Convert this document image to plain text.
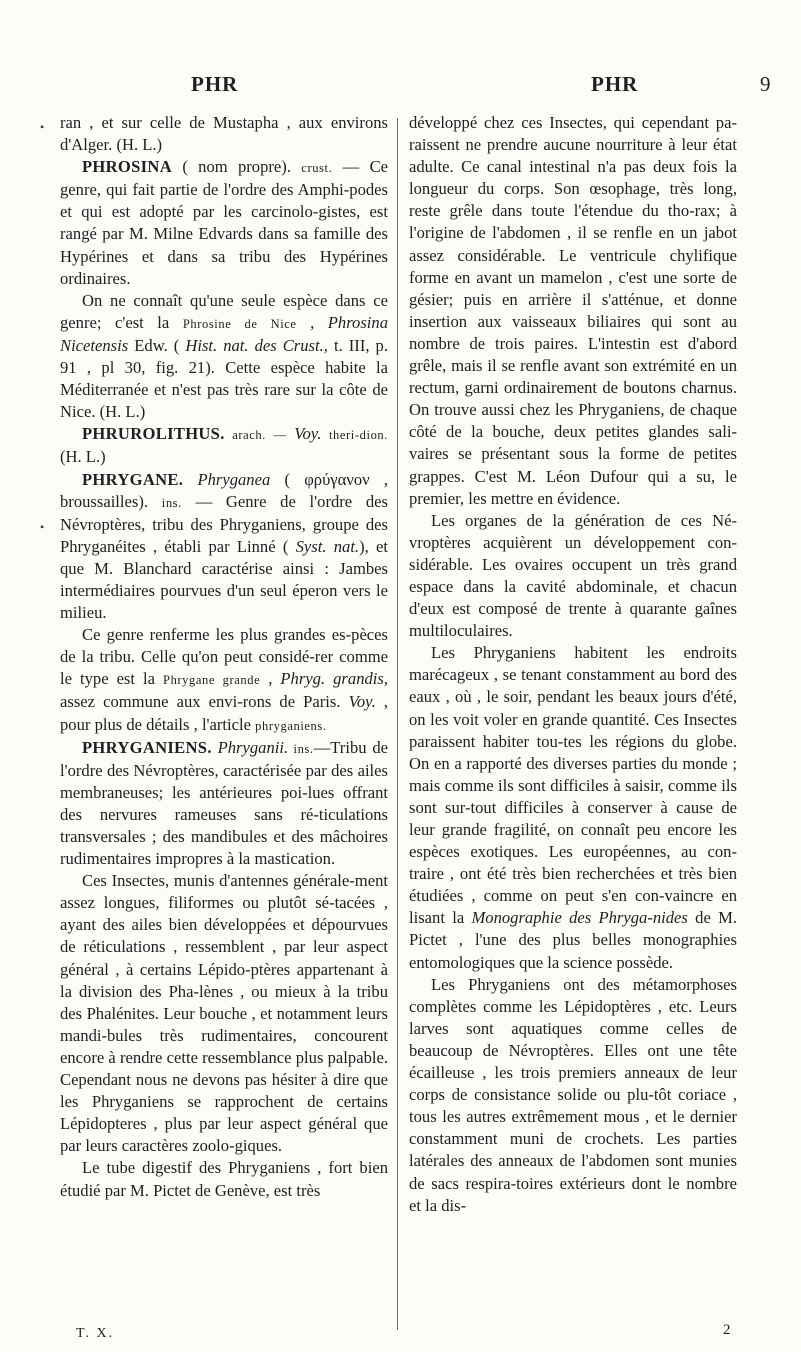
PHR	PHR	9

ran , et sur celle de Mustapha , aux environs d'Alger. (H. L.)

PHROSINA ( nom propre). crust. — Ce genre, qui fait partie de l'ordre des Amphi-podes et qui est adopté par les carcinolo-gistes, est rangé par M. Milne Edvards dans sa famille des Hypérines et dans sa tribu des Hypérines ordinaires.

On ne connaît qu'une seule espèce dans ce genre; c'est la Phrosine de Nice , Phrosina Nicetensis Edw. ( Hist. nat. des Crust., t. III, p. 91 , pl 30, fig. 21). Cette espèce habite la Méditerranée et n'est pas très rare sur la côte de Nice. (H. L.)

PHRUROLITHUS. arach. — Voy. theri-dion. (H. L.)

PHRYGANE. Phryganea ( φρύγανον , broussailles). ins. — Genre de l'ordre des Névroptères, tribu des Phryganiens, groupe des Phryganéites , établi par Linné ( Syst. nat.), et que M. Blanchard caractérise ainsi : Jambes intermédiaires pourvues d'un seul éperon vers le milieu.

Ce genre renferme les plus grandes es-pèces de la tribu. Celle qu'on peut considé-rer comme le type est la Phrygane grande , Phryg. grandis, assez commune aux envi-rons de Paris. Voy. , pour plus de détails , l'article phryganiens.

PHRYGANIENS. Phryganii. ins.—Tribu de l'ordre des Névroptères, caractérisée par des ailes membraneuses; les antérieures poi-lues offrant des nervures rameuses sans ré-ticulations transversales ; des mandibules et des mâchoires rudimentaires impropres à la mastication.

Ces Insectes, munis d'antennes générale-ment assez longues, filiformes ou plutôt sé-tacées , ayant des ailes bien développées et dépourvues de réticulations , ressemblent , par leur aspect général , à certains Lépido-ptères appartenant à la division des Pha-lènes , ou mieux à la tribu des Phalénites. Leur bouche , et notamment leurs mandi-bules très rudimentaires, concourent encore à rendre cette ressemblance plus palpable. Cependant nous ne devons pas hésiter à dire que les Phryganiens se rapprochent de certains Lépidopteres , plus par leur aspect général que par leurs caractères zoolo-giques.

Le tube digestif des Phryganiens , fort bien étudié par M. Pictet de Genève, est très

développé chez ces Insectes, qui cependant pa-raissent ne prendre aucune nourriture à leur état adulte. Ce canal intestinal n'a pas deux fois la longueur du corps. Son œsophage, très long, reste grêle dans toute l'étendue du tho-rax; à l'origine de l'abdomen , il se renfle en un jabot assez considérable. Le ventricule chylifique forme en avant un mamelon , c'est une sorte de gésier; puis en arrière il s'atténue, et donne insertion aux vaisseaux biliaires qui sont au nombre de trois paires. L'intestin est d'abord grêle, mais il se renfle avant son extrémité en un rectum, garni ordinairement de boutons charnus. On trouve aussi chez les Phryganiens, de chaque côté de la bouche, deux petites glandes sali-vaires se présentant sous la forme de petites grappes. C'est M. Léon Dufour qui a su, le premier, les mettre en évidence.

Les organes de la génération de ces Né-vroptères acquièrent un développement con-sidérable. Les ovaires occupent un très grand espace dans la cavité abdominale, et chacun d'eux est composé de trente à quarante gaînes multiloculaires.

Les Phryganiens habitent les endroits marécageux , se tenant constamment au bord des eaux , où , le soir, pendant les beaux jours d'été, on les voit voler en grande quantité. Ces Insectes paraissent habiter tou-tes les régions du globe. On en a rapporté des diverses parties du monde ; mais comme ils sont difficiles à saisir, comme ils sont sur-tout difficiles à conserver à cause de leur grande fragilité, on connaît peu encore les espèces exotiques. Les européennes, au con-traire , ont été très bien recherchées et très bien étudiées , comme on peut s'en con-vaincre en lisant la Monographie des Phryga-nides de M. Pictet , l'une des plus belles monographies entomologiques que la science possède.

Les Phryganiens ont des métamorphoses complètes comme les Lépidoptères , etc. Leurs larves sont aquatiques comme celles de beaucoup de Névroptères. Elles ont une tête écailleuse , les trois premiers anneaux de leur corps de consistance solide ou plu-tôt coriace , tous les autres extrêmement mous , et le dernier constamment muni de crochets. Les parties latérales des anneaux de l'abdomen sont munies de sacs respira-toires extérieurs dont le nombre et la dis-

T. X.	2
•
•
